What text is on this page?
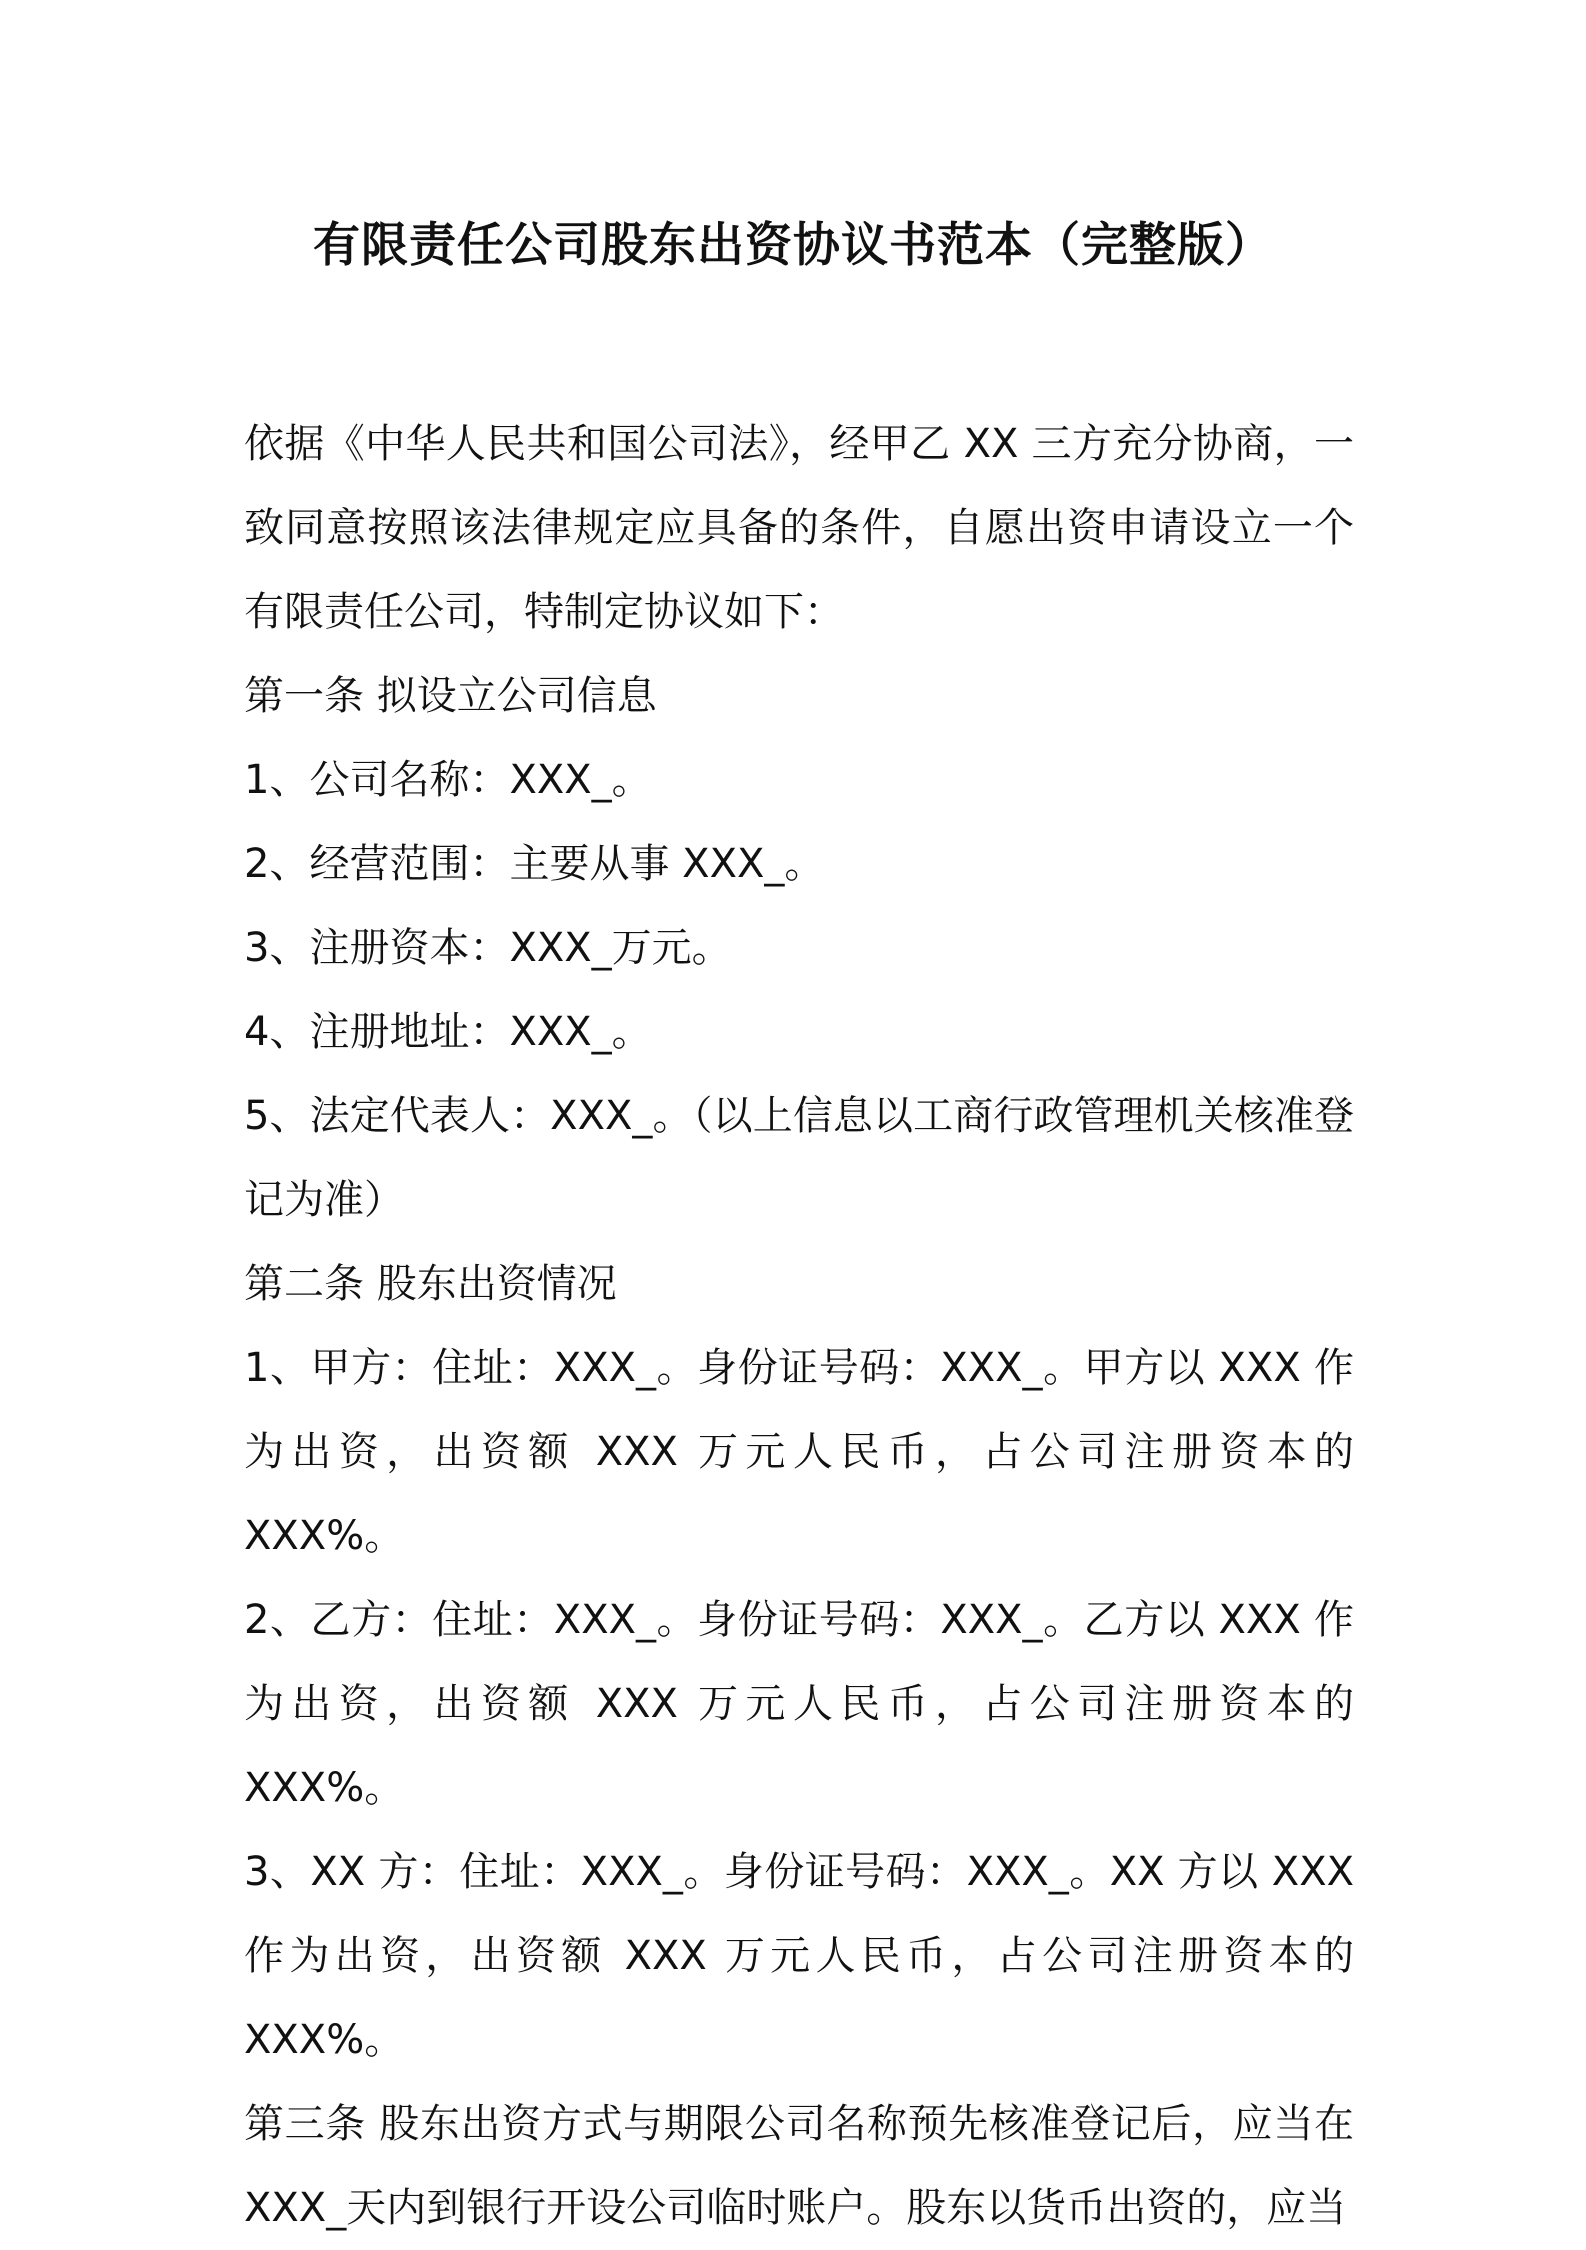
有限责任公司股东出资协议书范本（完整版）

依据《中华人民共和国公司法》，经甲乙 XX 三方充分协商，一致同意按照该法律规定应具备的条件，自愿出资申请设立一个有限责任公司，特制定协议如下：

第一条 拟设立公司信息

1、公司名称：XXX_。

2、经营范围：主要从事 XXX_。

3、注册资本：XXX_万元。

4、注册地址：XXX_。

5、法定代表人：XXX_。（以上信息以工商行政管理机关核准登记为准）

第二条 股东出资情况

1、甲方：住址：XXX_。身份证号码：XXX_。甲方以 XXX 作为出资，出资额 XXX 万元人民币，占公司注册资本的 XXX%。

2、乙方：住址：XXX_。身份证号码：XXX_。乙方以 XXX 作为出资，出资额 XXX 万元人民币，占公司注册资本的 XXX%。

3、XX 方：住址：XXX_。身份证号码：XXX_。XX 方以 XXX 作为出资，出资额 XXX 万元人民币，占公司注册资本的 XXX%。

第三条 股东出资方式与期限公司名称预先核准登记后，应当在 XXX_天内到银行开设公司临时账户。股东以货币出资的，应当
